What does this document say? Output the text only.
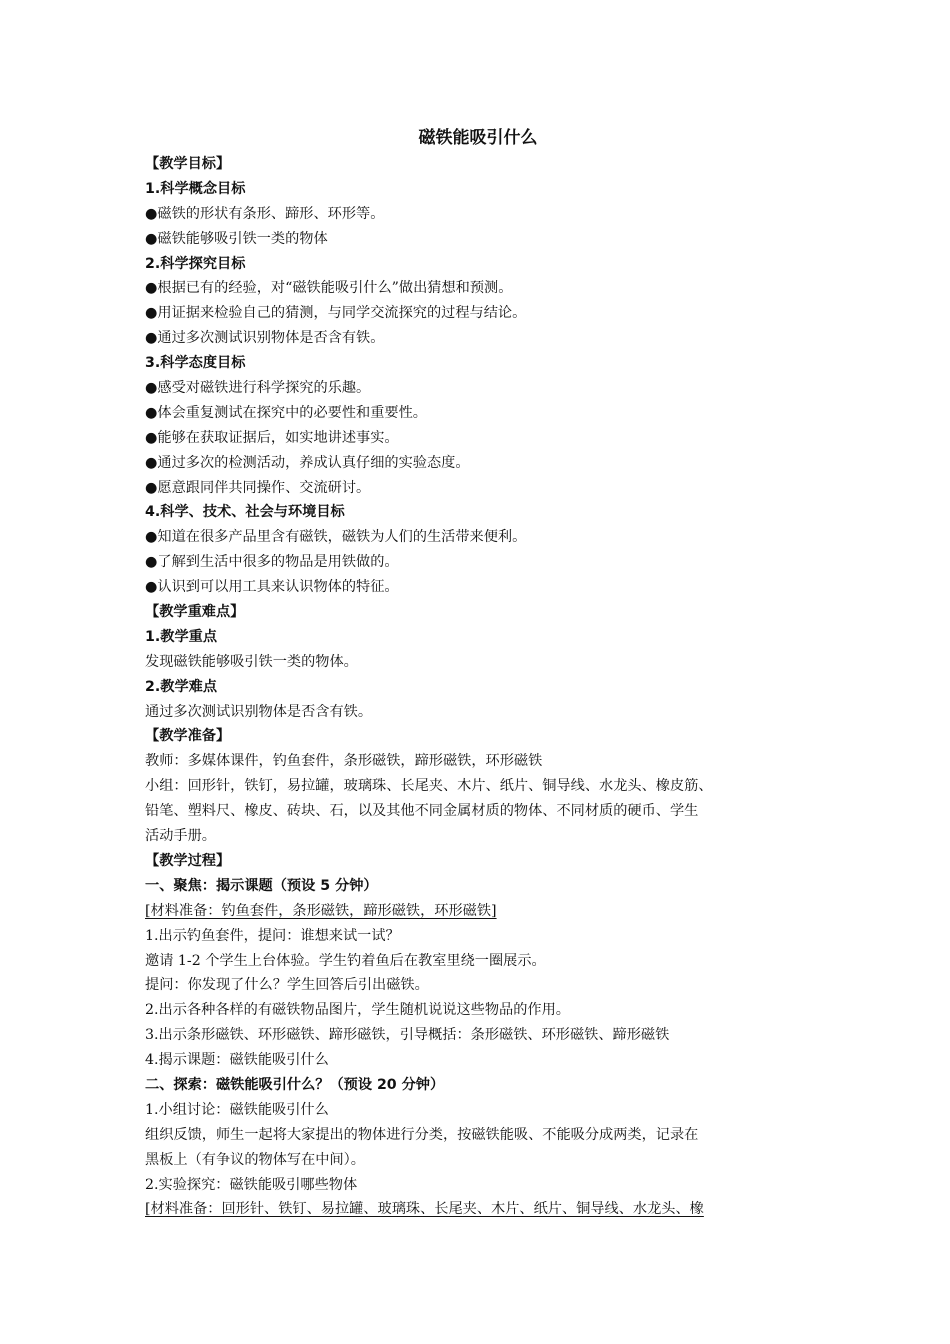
磁铁能吸引什么
【教学目标】
1.科学概念目标
●磁铁的形状有条形、蹄形、环形等。
●磁铁能够吸引铁一类的物体
2.科学探究目标
●根据已有的经验，对“磁铁能吸引什么”做出猜想和预测。
●用证据来检验自己的猜测，与同学交流探究的过程与结论。
●通过多次测试识别物体是否含有铁。
3.科学态度目标
●感受对磁铁进行科学探究的乐趣。
●体会重复测试在探究中的必要性和重要性。
●能够在获取证据后，如实地讲述事实。
●通过多次的检测活动，养成认真仔细的实验态度。
●愿意跟同伴共同操作、交流研讨。
4.科学、技术、社会与环境目标
●知道在很多产品里含有磁铁，磁铁为人们的生活带来便利。
●了解到生活中很多的物品是用铁做的。
●认识到可以用工具来认识物体的特征。
【教学重难点】
1.教学重点
发现磁铁能够吸引铁一类的物体。
2.教学难点
通过多次测试识别物体是否含有铁。
【教学准备】
教师：多媒体课件，钓鱼套件，条形磁铁，蹄形磁铁，环形磁铁
小组：回形针，铁钉，易拉罐，玻璃珠、长尾夹、木片、纸片、铜导线、水龙头、橡皮筋、
铅笔、塑料尺、橡皮、砖块、石，以及其他不同金属材质的物体、不同材质的硬币、学生
活动手册。
【教学过程】
一、聚焦：揭示课题（预设 5 分钟）
[材料准备：钓鱼套件，条形磁铁，蹄形磁铁，环形磁铁]
1.出示钓鱼套件，提问：谁想来试一试？
邀请 1-2 个学生上台体验。学生钓着鱼后在教室里绕一圈展示。
提问：你发现了什么？学生回答后引出磁铁。
2.出示各种各样的有磁铁物品图片，学生随机说说这些物品的作用。
3.出示条形磁铁、环形磁铁、蹄形磁铁，引导概括：条形磁铁、环形磁铁、蹄形磁铁
4.揭示课题：磁铁能吸引什么
二、探索：磁铁能吸引什么？（预设 20 分钟）
1.小组讨论：磁铁能吸引什么
组织反馈，师生一起将大家提出的物体进行分类，按磁铁能吸、不能吸分成两类，记录在
黑板上（有争议的物体写在中间）。
2.实验探究：磁铁能吸引哪些物体
[材料准备：回形针、铁钉、易拉罐、玻璃珠、长尾夹、木片、纸片、铜导线、水龙头、橡
